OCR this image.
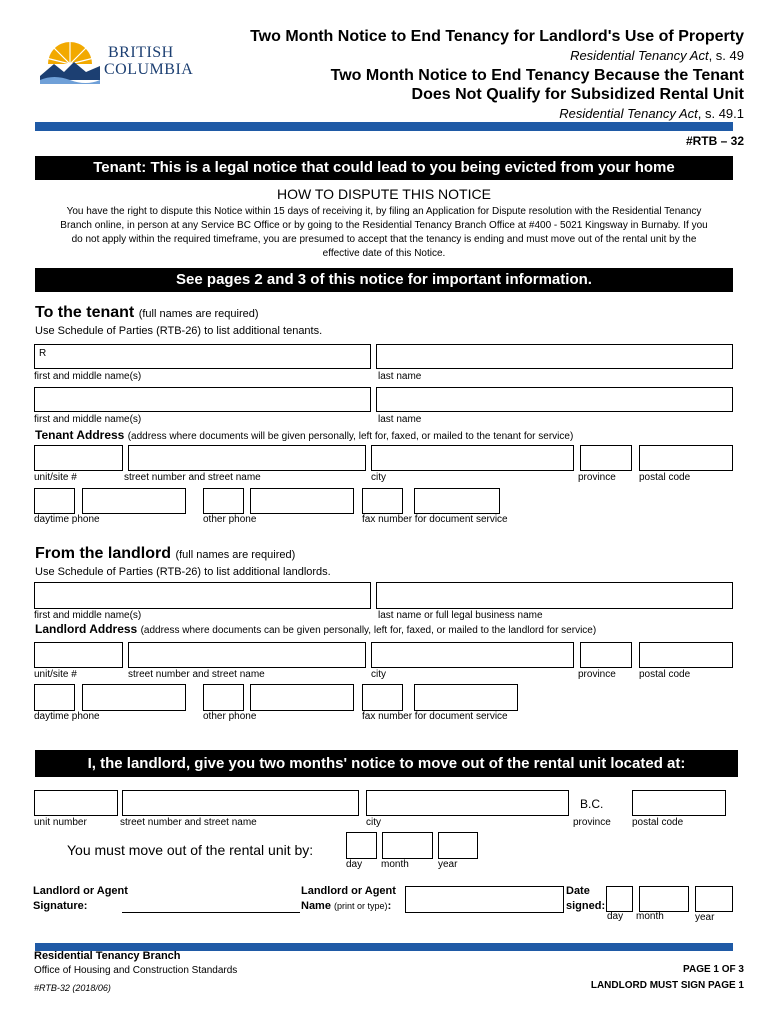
BRITISH
COLUMBIA
Two Month Notice to End Tenancy for Landlord's Use of Property
Residential Tenancy Act, s. 49
Two Month Notice to End Tenancy Because the Tenant
Does Not Qualify for Subsidized Rental Unit
Residential Tenancy Act, s. 49.1
#RTB – 32
Tenant: This is a legal notice that could lead to you being evicted from your home
HOW TO DISPUTE THIS NOTICE
You have the right to dispute this Notice within 15 days of receiving it, by filing an Application for Dispute resolution with the Residential Tenancy
Branch online, in person at any Service BC Office or by going to the Residential Tenancy Branch Office at #400 - 5021 Kingsway in Burnaby. If you
do not apply within the required timeframe, you are presumed to accept that the tenancy is ending and must move out of the rental unit by the
effective date of this Notice.
See pages 2 and 3 of this notice for important information.
To the tenant (full names are required)
Use Schedule of Parties (RTB-26) to list additional tenants.
R
first and middle name(s)	last name
first and middle name(s)	last name
Tenant Address (address where documents will be given personally, left for, faxed, or mailed to the tenant for service)
unit/site #	street number and street name	city	province postal code
daytime phone	other phone	fax number for document service
From the landlord (full names are required)
Use Schedule of Parties (RTB-26) to list additional landlords.
first and middle name(s)	last name or full legal business name
Landlord Address (address where documents can be given personally, left for, faxed, or mailed to the landlord for service)
unit/site #	street number and street name	city	province postal code
daytime phone	other phone	fax number for document service
I, the landlord, give you two months' notice to move out of the rental unit located at:
B.C.
unit number	street number and street name	city	province postal code
You must move out of the rental unit by:
day month	year
Landlord or Agent
Signature:
Landlord or Agent
Name (print or type):
Date
signed:
day month	year
Residential Tenancy Branch
Office of Housing and Construction Standards
#RTB-32 (2018/06)
PAGE 1 OF 3
LANDLORD MUST SIGN PAGE 1
